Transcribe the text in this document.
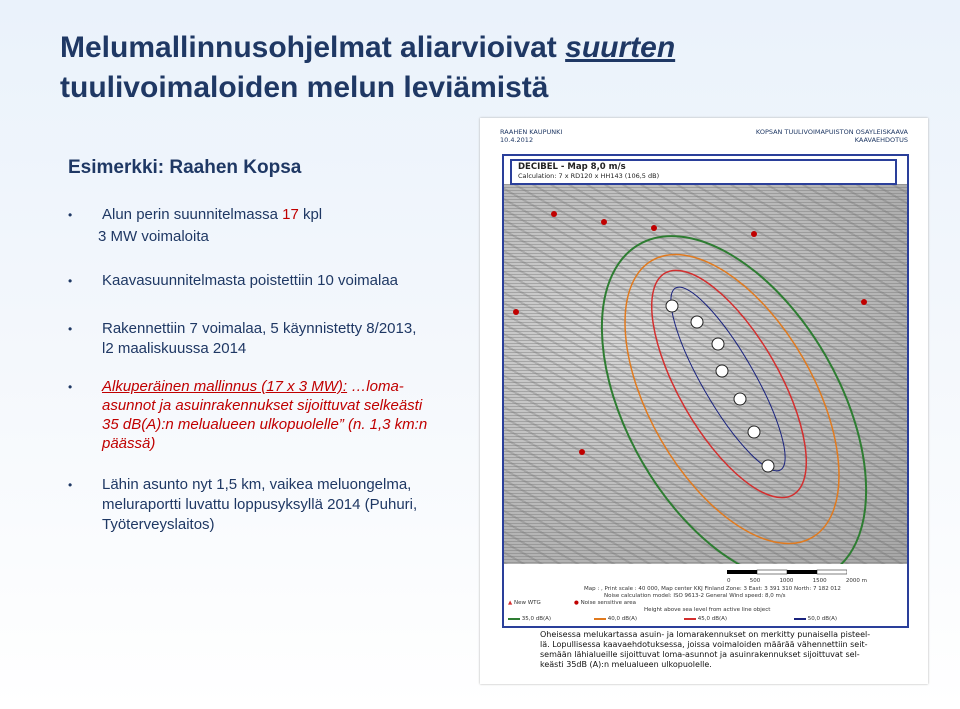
Melumallinnusohjelmat aliarvioivat suurten
tuulivoimaloiden melun leviämistä
Esimerkki: Raahen Kopsa
• Alun perin suunnitelmassa 17 kpl
3 MW voimaloita
• Kaavasuunnitelmasta poistettiin 10 voimalaa
• Rakennettiin 7 voimalaa, 5 käynnistetty 8/2013,
l2 maaliskuussa 2014
• Alkuperäinen mallinnus (17 x 3 MW): …loma-
asunnot ja asuinrakennukset sijoittuvat selkeästi
35 dB(A):n melualueen ulkopuolelle” (n. 1,3 km:n
päässä)
• Lähin asunto nyt 1,5 km, vaikea meluongelma,
meluraportti luvattu loppusyksyllä 2014 (Puhuri,
Työterveyslaitos)
RAAHEN KAUPUNKI
10.4.2012
KOPSAN TUULIVOIMAPUISTON OSAYLEISKAAVA
KAAVAEHDOTUS
DECIBEL - Map 8,0 m/s
Calculation: 7 x RD120 x HH143 (106,5 dB)
0	500	1000	1500	2000 m
Map : , Print scale : 40 000, Map center KKJ Finland Zone: 3 East: 3 391 310 North: 7 182 012
Noise calculation model: ISO 9613-2 General Wind speed: 8,0 m/s
▲ New WTG	● Noise sensitive area
Height above sea level from active line object
35,0 dB(A)	40,0 dB(A)	45,0 dB(A)	50,0 dB(A)
Oheisessa melukartassa asuin- ja lomarakennukset on merkitty punaisella pisteel-
lä. Lopullisessa kaavaehdotuksessa, joissa voimaloiden määrää vähennettiin seit-
semään lähialueille sijoittuvat loma-asunnot ja asuinrakennukset sijoittuvat sel-
keästi 35dB (A):n melualueen ulkopuolelle.
